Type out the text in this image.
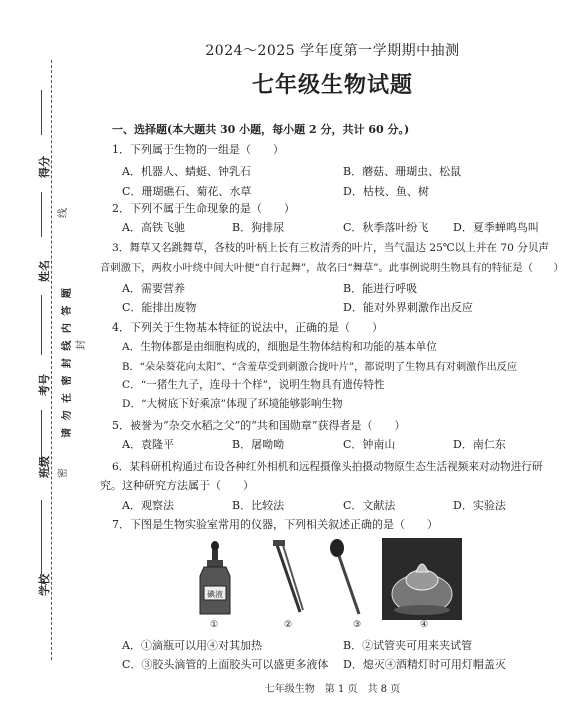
得分
线
姓名
请 勿 在 密 封 线 内 答 题 封
考号
密
班级
学校
2024～2025 学年度第一学期期中抽测
七年级生物试题
一、选择题(本大题共 30 小题，每小题 2 分，共计 60 分。)
1．下列属于生物的一组是（　　）
A．机器人、蜻蜓、钟乳石	B．蘑菇、珊瑚虫、松鼠
C．珊瑚礁石、菊花、水草	D．枯枝、鱼、树
2．下列不属于生命现象的是（　　）
A．高铁飞驰	B．狗排尿	C．秋季落叶纷飞 D．夏季蝉鸣鸟叫
3．舞草又名跳舞草，各枝的叶柄上长有三枚清秀的叶片，当气温达 25℃以上并在 70 分贝声
音刺激下，两枚小叶绕中间大叶便“自行起舞”，故名曰“舞草”。此事例说明生物具有的特征是（　　）
A．需要营养	B．能进行呼吸
C．能排出废物	D．能对外界刺激作出反应
4．下列关于生物基本特征的说法中，正确的是（　　）
A．生物体都是由细胞构成的，细胞是生物体结构和功能的基本单位
B．“朵朵葵花向太阳”、“含羞草受到刺激合拢叶片”，都说明了生物具有对刺激作出反应
C．“一猪生九子，连母十个样”，说明生物具有遗传特性
D．“大树底下好乘凉”体现了环境能够影响生物
5．被誉为“杂交水稻之父”的“共和国勋章”获得者是（　　）
A．袁隆平	B．屠呦呦	C．钟南山	D．南仁东
6．某科研机构通过布设各种红外相机和远程摄像头拍摄动物原生态生活视频来对动物进行研
究。这种研究方法属于（　　）
A．观察法	B．比较法	C．文献法	D．实验法
7．下图是生物实验室常用的仪器，下列相关叙述正确的是（　　）
碘液
①	②	③	④
A．①滴瓶可以用④对其加热	B．②试管夹可用来夹试管
C．③胶头滴管的上面胶头可以盛更多液体 D．熄灭④酒精灯时可用灯帽盖灭
七年级生物　第 1 页　共 8 页
